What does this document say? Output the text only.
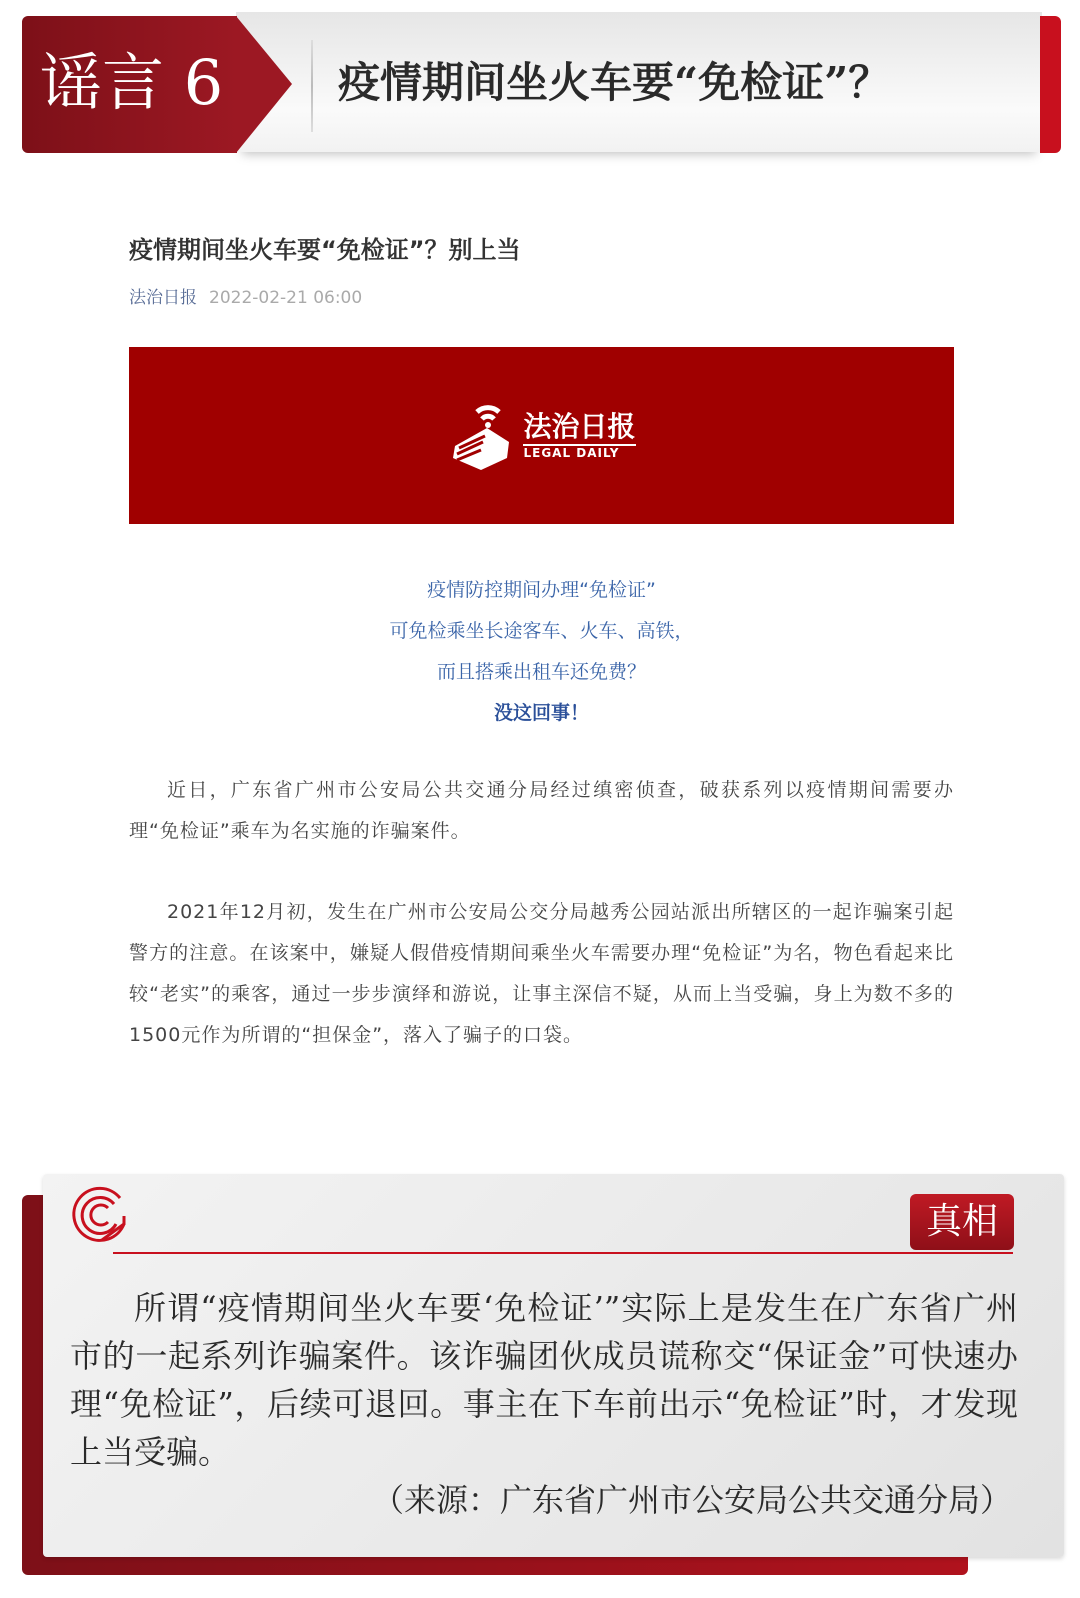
谣言 6	疫情期间坐火车要“免检证”？
疫情期间坐火车要“免检证”？别上当
法治日报 2022-02-21 06:00
法治日报
LEGAL DAILY
疫情防控期间办理“免检证”
可免检乘坐长途客车、火车、高铁，
而且搭乘出租车还免费？
没这回事！
近日，广东省广州市公安局公共交通分局经过缜密侦查，破获系列以疫情期间需要办理“免检证”乘车为名实施的诈骗案件。
2021年12月初，发生在广州市公安局公交分局越秀公园站派出所辖区的一起诈骗案引起警方的注意。在该案中，嫌疑人假借疫情期间乘坐火车需要办理“免检证”为名，物色看起来比较“老实”的乘客，通过一步步演绎和游说，让事主深信不疑，从而上当受骗，身上为数不多的1500元作为所谓的“担保金”，落入了骗子的口袋。
真相
所谓“疫情期间坐火车要‘免检证’”实际上是发生在广东省广州市的一起系列诈骗案件。该诈骗团伙成员谎称交“保证金”可快速办理“免检证”，后续可退回。事主在下车前出示“免检证”时，才发现上当受骗。
（来源：广东省广州市公安局公共交通分局）
